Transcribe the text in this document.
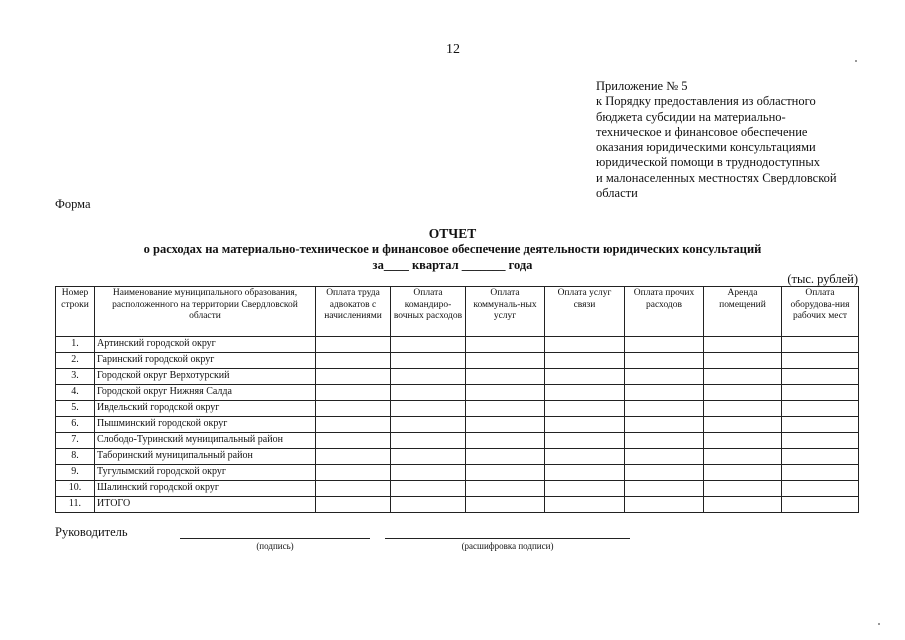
12
Приложение № 5
к Порядку предоставления из областного
бюджета субсидии на материально-
техническое и финансовое обеспечение
оказания юридическими консультациями
юридической помощи в труднодоступных
и малонаселенных местностях Свердловской
области
Форма
ОТЧЕТ
о расходах на материально-техническое и финансовое обеспечение деятельности юридических консультаций
за____ квартал _______ года
(тыс. рублей)
Номер строки	Наименование муниципального образования, расположенного на территории Свердловской области	Оплата труда адвокатов с начислениями	Оплата командиро-вочных расходов	Оплата коммуналь-ных услуг	Оплата услуг связи	Оплата прочих расходов	Аренда помещений	Оплата оборудова-ния рабочих мест
1.	Артинский городской округ							
2.	Гаринский городской округ							
3.	Городской округ Верхотурский							
4.	Городской округ Нижняя Салда							
5.	Ивдельский городской округ							
6.	Пышминский городской округ							
7.	Слободо-Туринский муниципальный район							
8.	Таборинский муниципальный район							
9.	Тугулымский городской округ							
10.	Шалинский городской округ							
11.	ИТОГО							
Руководитель
(подпись)	(расшифровка подписи)
